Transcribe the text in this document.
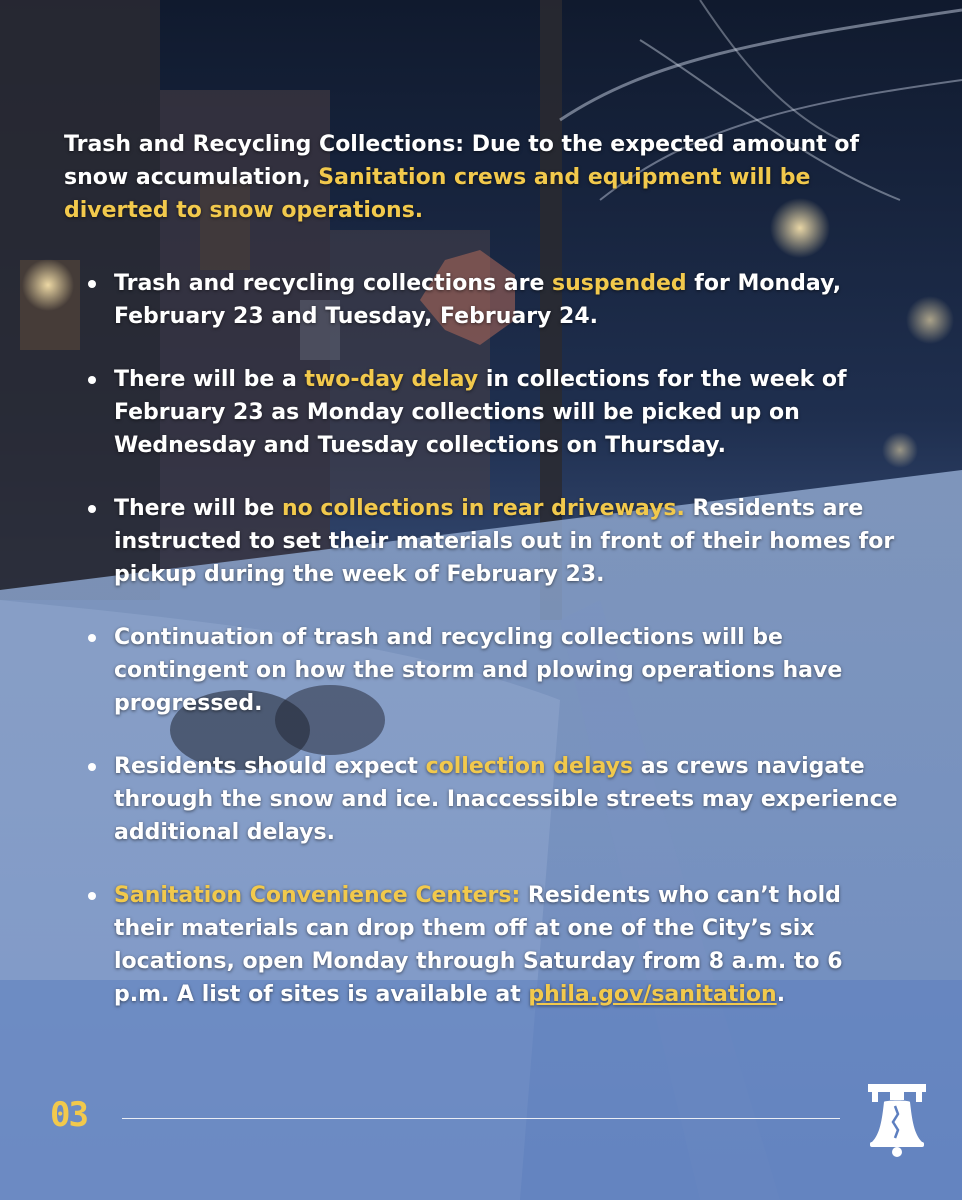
Trash and Recycling Collections: Due to the expected amount of snow accumulation, Sanitation crews and equipment will be diverted to snow operations.

Trash and recycling collections are suspended for Monday, February 23 and Tuesday, February 24.
There will be a two-day delay in collections for the week of February 23 as Monday collections will be picked up on Wednesday and Tuesday collections on Thursday.
There will be no collections in rear driveways. Residents are instructed to set their materials out in front of their homes for pickup during the week of February 23.
Continuation of trash and recycling collections will be contingent on how the storm and plowing operations have progressed.
Residents should expect collection delays as crews navigate through the snow and ice. Inaccessible streets may experience additional delays.
Sanitation Convenience Centers: Residents who can’t hold their materials can drop them off at one of the City’s six locations, open Monday through Saturday from 8 a.m. to 6 p.m. A list of sites is available at phila.gov/sanitation.
03
